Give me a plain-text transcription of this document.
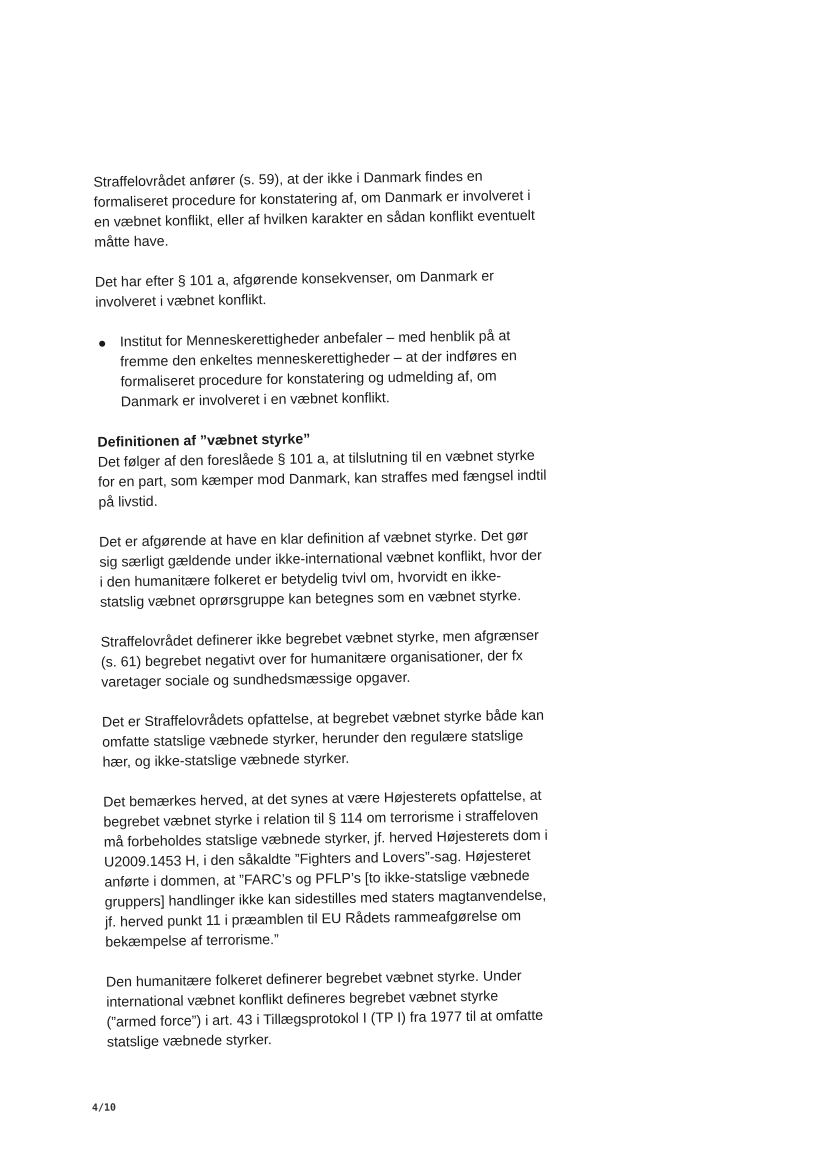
Straffelovrådet anfører (s. 59), at der ikke i Danmark findes en
formaliseret procedure for konstatering af, om Danmark er involveret i
en væbnet konflikt, eller af hvilken karakter en sådan konflikt eventuelt
måtte have.

Det har efter § 101 a, afgørende konsekvenser, om Danmark er
involveret i væbnet konflikt.

● Institut for Menneskerettigheder anbefaler – med henblik på at
fremme den enkeltes menneskerettigheder – at der indføres en
formaliseret procedure for konstatering og udmelding af, om
Danmark er involveret i en væbnet konflikt.
Definitionen af ”væbnet styrke”
Det følger af den foreslåede § 101 a, at tilslutning til en væbnet styrke
for en part, som kæmper mod Danmark, kan straffes med fængsel indtil
på livstid.

Det er afgørende at have en klar definition af væbnet styrke. Det gør
sig særligt gældende under ikke-international væbnet konflikt, hvor der
i den humanitære folkeret er betydelig tvivl om, hvorvidt en ikke-
statslig væbnet oprørsgruppe kan betegnes som en væbnet styrke.

Straffelovrådet definerer ikke begrebet væbnet styrke, men afgrænser
(s. 61) begrebet negativt over for humanitære organisationer, der fx
varetager sociale og sundhedsmæssige opgaver.

Det er Straffelovrådets opfattelse, at begrebet væbnet styrke både kan
omfatte statslige væbnede styrker, herunder den regulære statslige
hær, og ikke-statslige væbnede styrker.

Det bemærkes herved, at det synes at være Højesterets opfattelse, at
begrebet væbnet styrke i relation til § 114 om terrorisme i straffeloven
må forbeholdes statslige væbnede styrker, jf. herved Højesterets dom i
U2009.1453 H, i den såkaldte ”Fighters and Lovers”-sag. Højesteret
anførte i dommen, at ”FARC’s og PFLP’s [to ikke-statslige væbnede
gruppers] handlinger ikke kan sidestilles med staters magtanvendelse,
jf. herved punkt 11 i præamblen til EU Rådets rammeafgørelse om
bekæmpelse af terrorisme.”

Den humanitære folkeret definerer begrebet væbnet styrke. Under
international væbnet konflikt defineres begrebet væbnet styrke
(”armed force”) i art. 43 i Tillægsprotokol I (TP I) fra 1977 til at omfatte
statslige væbnede styrker.

4/10
